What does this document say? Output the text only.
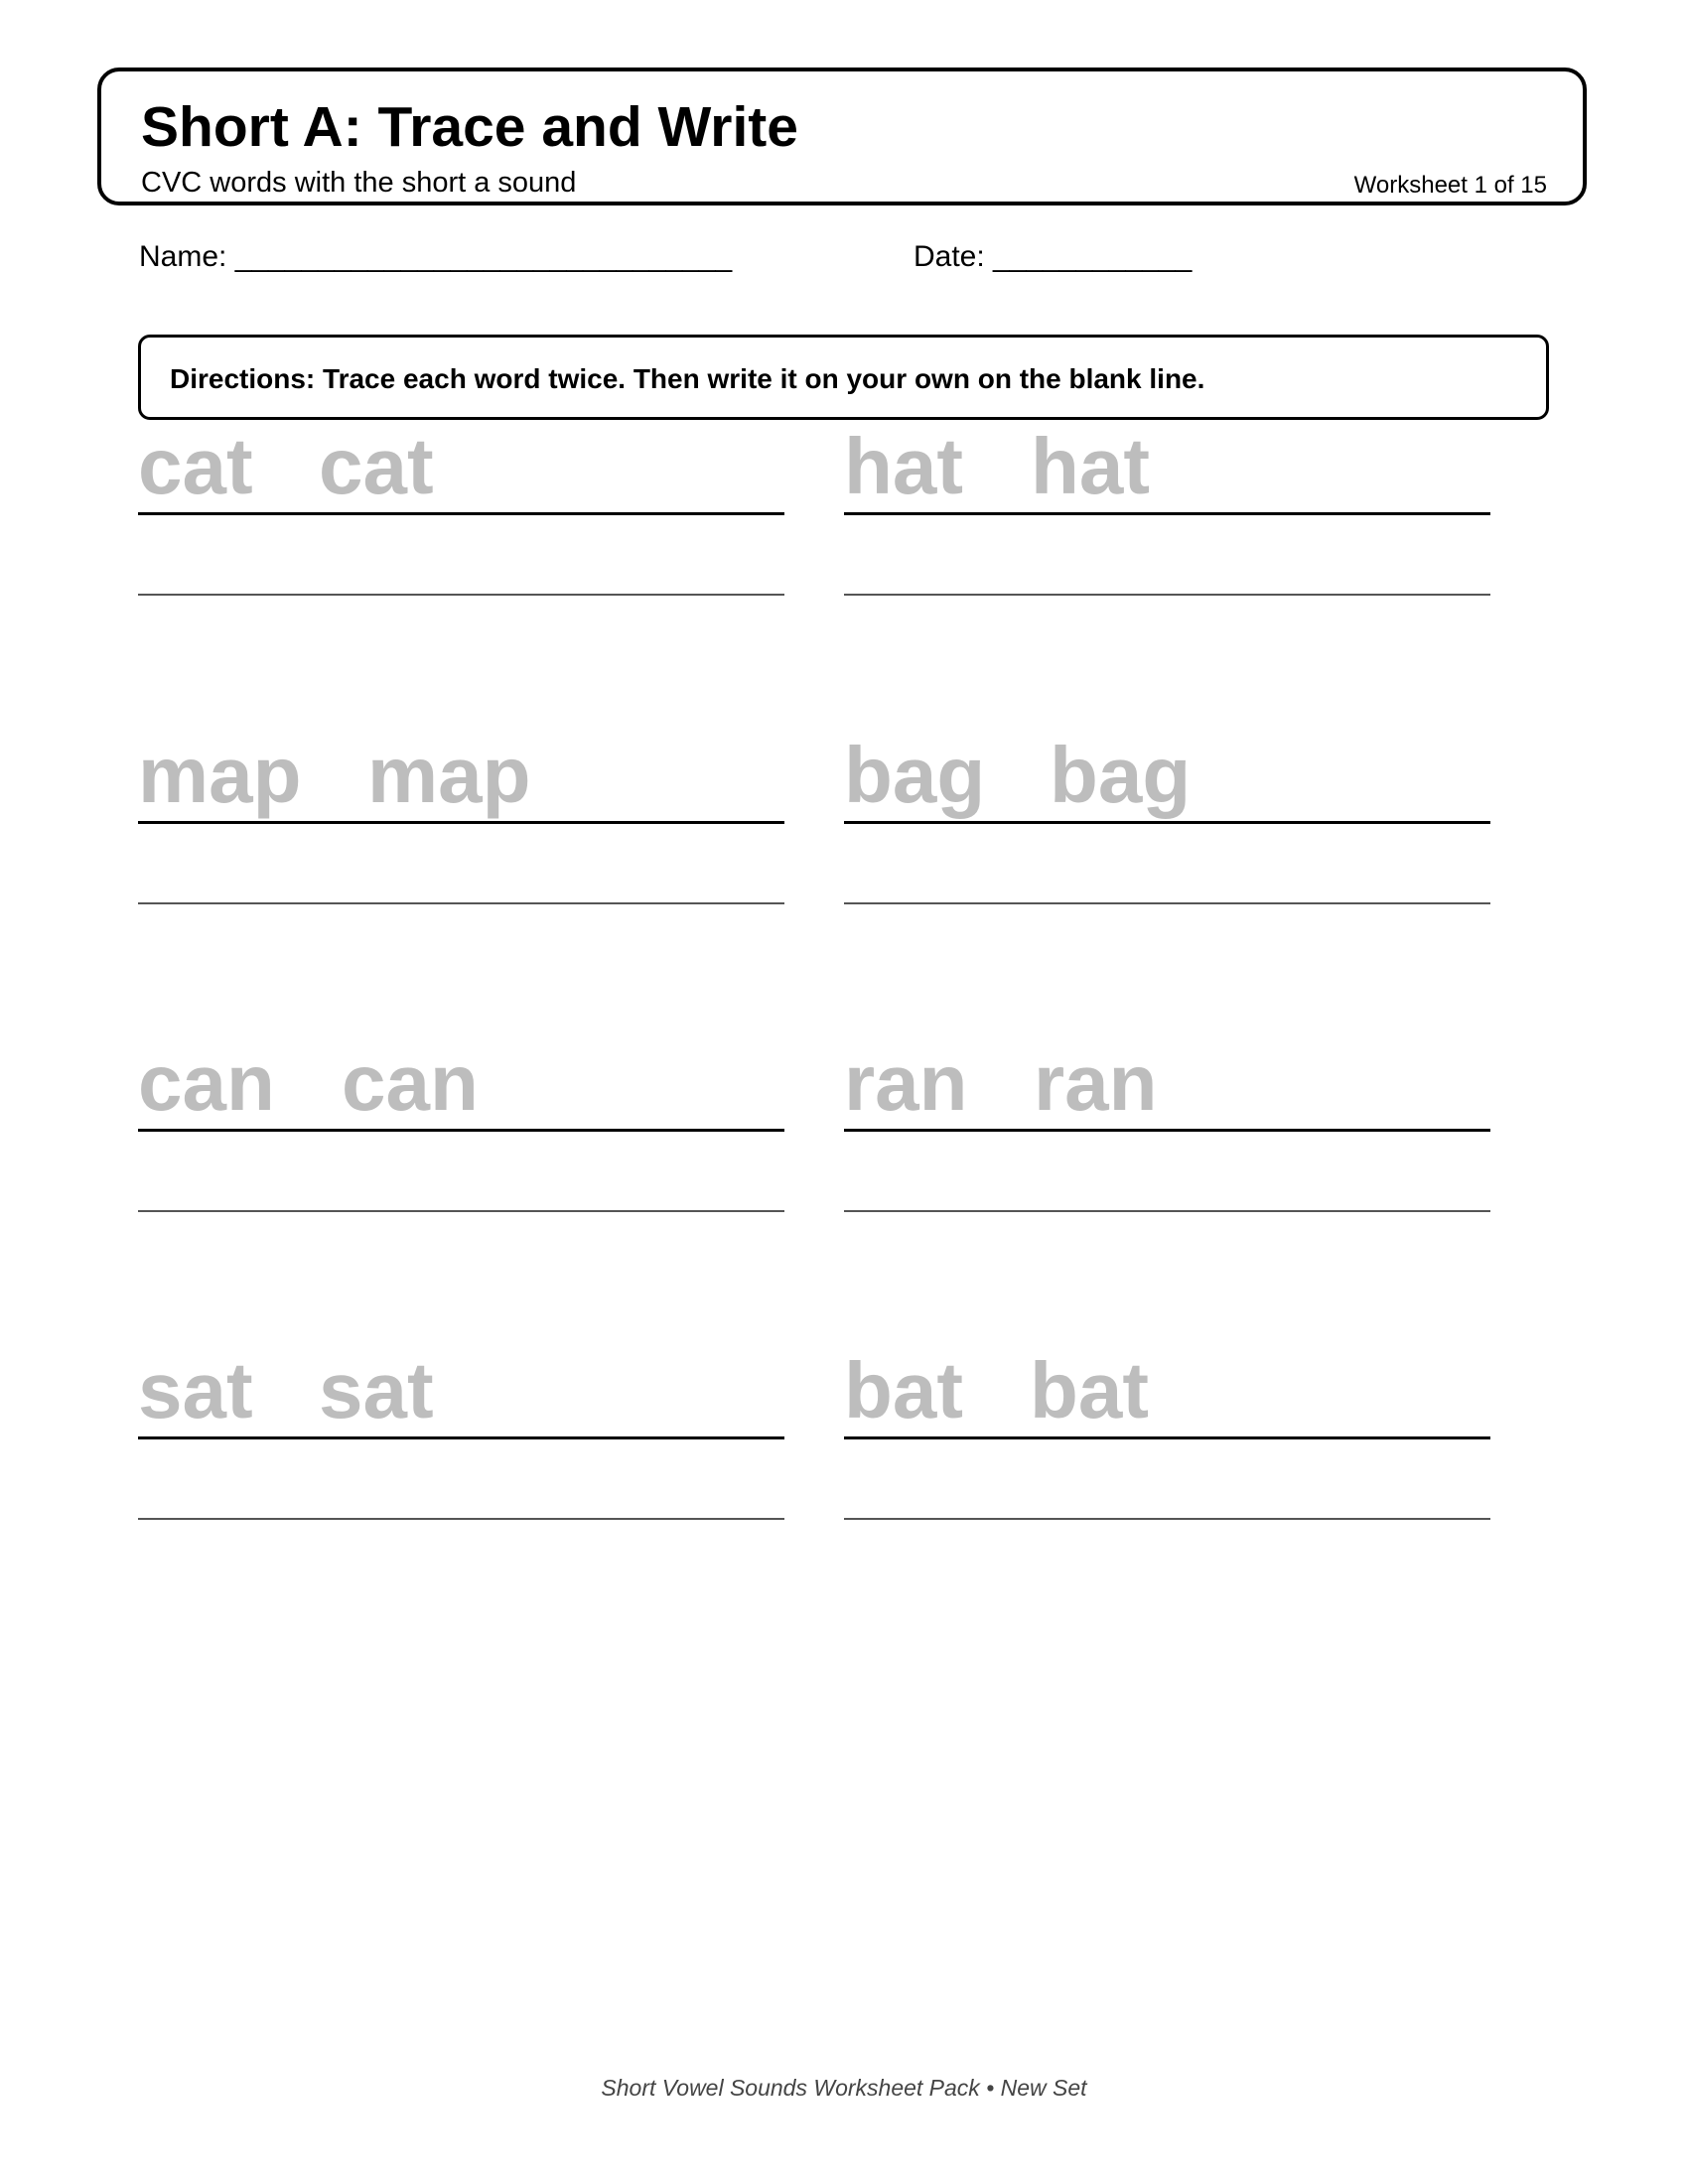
Short A: Trace and Write
CVC words with the short a sound	Worksheet 1 of 15
Name: ______________________________	Date: ____________
Directions: Trace each word twice. Then write it on your own on the blank line.
cat cat	hat hat
map map	bag bag
can can	ran ran
sat sat	bat bat
Short Vowel Sounds Worksheet Pack • New Set
